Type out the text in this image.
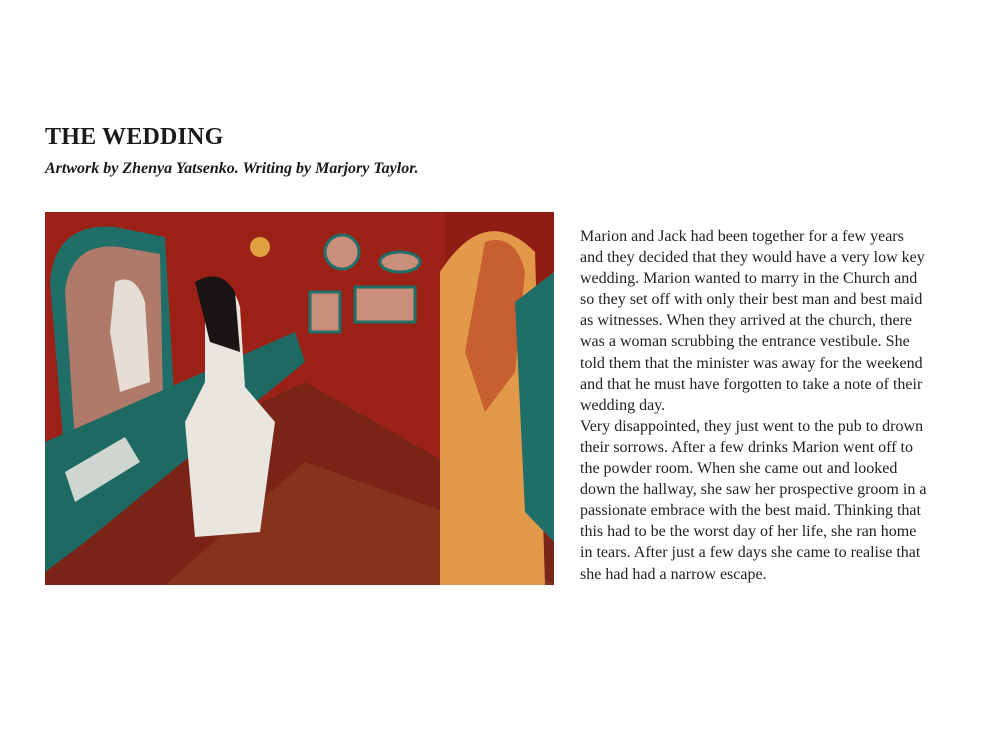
THE WEDDING

Artwork by Zhenya Yatsenko. Writing by Marjory Taylor.

Marion and Jack had been together for a few years
and they decided that they would have a very low key
wedding. Marion wanted to marry in the Church and
so they set off with only their best man and best maid
as witnesses. When they arrived at the church, there
was a woman scrubbing the entrance vestibule. She
told them that the minister was away for the weekend
and that he must have forgotten to take a note of their
wedding day.
Very disappointed, they just went to the pub to drown
their sorrows. After a few drinks Marion went off to
the powder room. When she came out and looked
down the hallway, she saw her prospective groom in a
passionate embrace with the best maid. Thinking that
this had to be the worst day of her life, she ran home
in tears. After just a few days she came to realise that
she had had a narrow escape.
